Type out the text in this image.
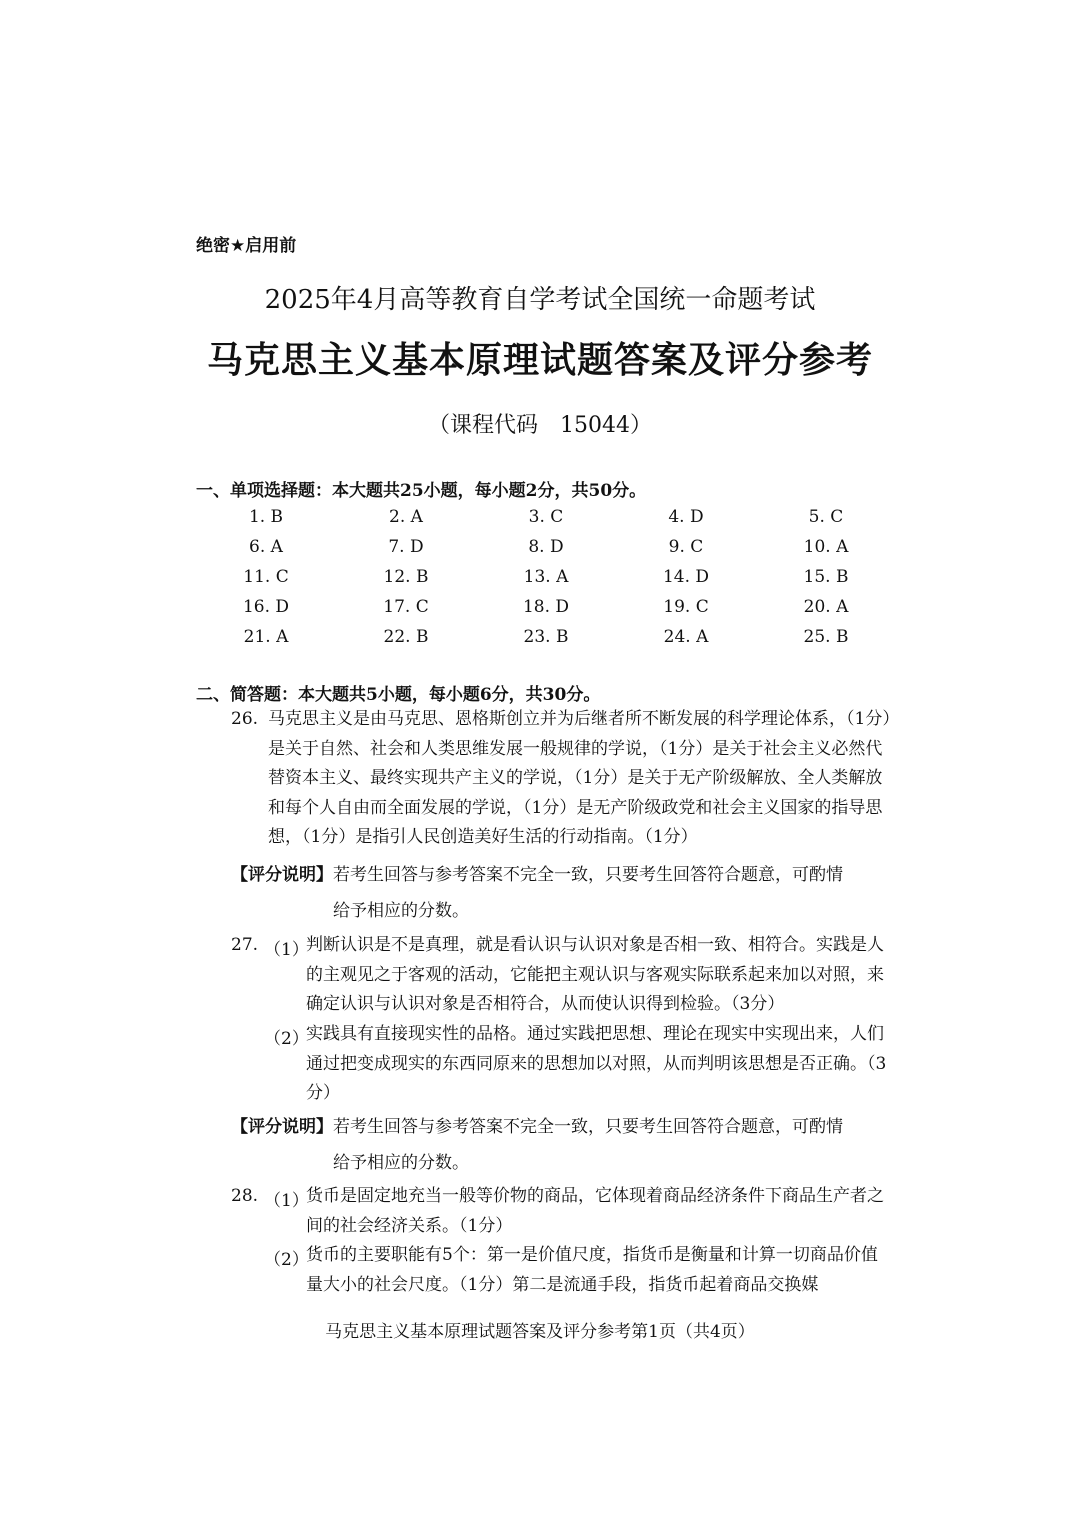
绝密★启用前
2025年4月高等教育自学考试全国统一命题考试
马克思主义基本原理试题答案及评分参考
（课程代码　15044）
一、单项选择题：本大题共25小题，每小题2分，共50分。
1. B	2. A	3. C	4. D	5. C
6. A	7. D	8. D	9. C	10. A
11. C	12. B	13. A	14. D	15. B
16. D	17. C	18. D	19. C	20. A
21. A	22. B	23. B	24. A	25. B
二、简答题：本大题共5小题，每小题6分，共30分。
26. 马克思主义是由马克思、恩格斯创立并为后继者所不断发展的科学理论体系，（1分）是关于自然、社会和人类思维发展一般规律的学说，（1分）是关于社会主义必然代替资本主义、最终实现共产主义的学说，（1分）是关于无产阶级解放、全人类解放和每个人自由而全面发展的学说，（1分）是无产阶级政党和社会主义国家的指导思想，（1分）是指引人民创造美好生活的行动指南。（1分）
【评分说明】若考生回答与参考答案不完全一致，只要考生回答符合题意，可酌情
给予相应的分数。
27. （1）
判断认识是不是真理，就是看认识与认识对象是否相一致、相符合。实践是人的主观见之于客观的活动，它能把主观认识与客观实际联系起来加以对照，来确定认识与认识对象是否相符合，从而使认识得到检验。（3分）
（2）
实践具有直接现实性的品格。通过实践把思想、理论在现实中实现出来，人们通过把变成现实的东西同原来的思想加以对照，从而判明该思想是否正确。（3分）
【评分说明】若考生回答与参考答案不完全一致，只要考生回答符合题意，可酌情
给予相应的分数。
28. （1）
货币是固定地充当一般等价物的商品，它体现着商品经济条件下商品生产者之间的社会经济关系。（1分）
（2）
货币的主要职能有5个：第一是价值尺度，指货币是衡量和计算一切商品价值量大小的社会尺度。（1分）第二是流通手段，指货币起着商品交换媒
马克思主义基本原理试题答案及评分参考第1页（共4页）
